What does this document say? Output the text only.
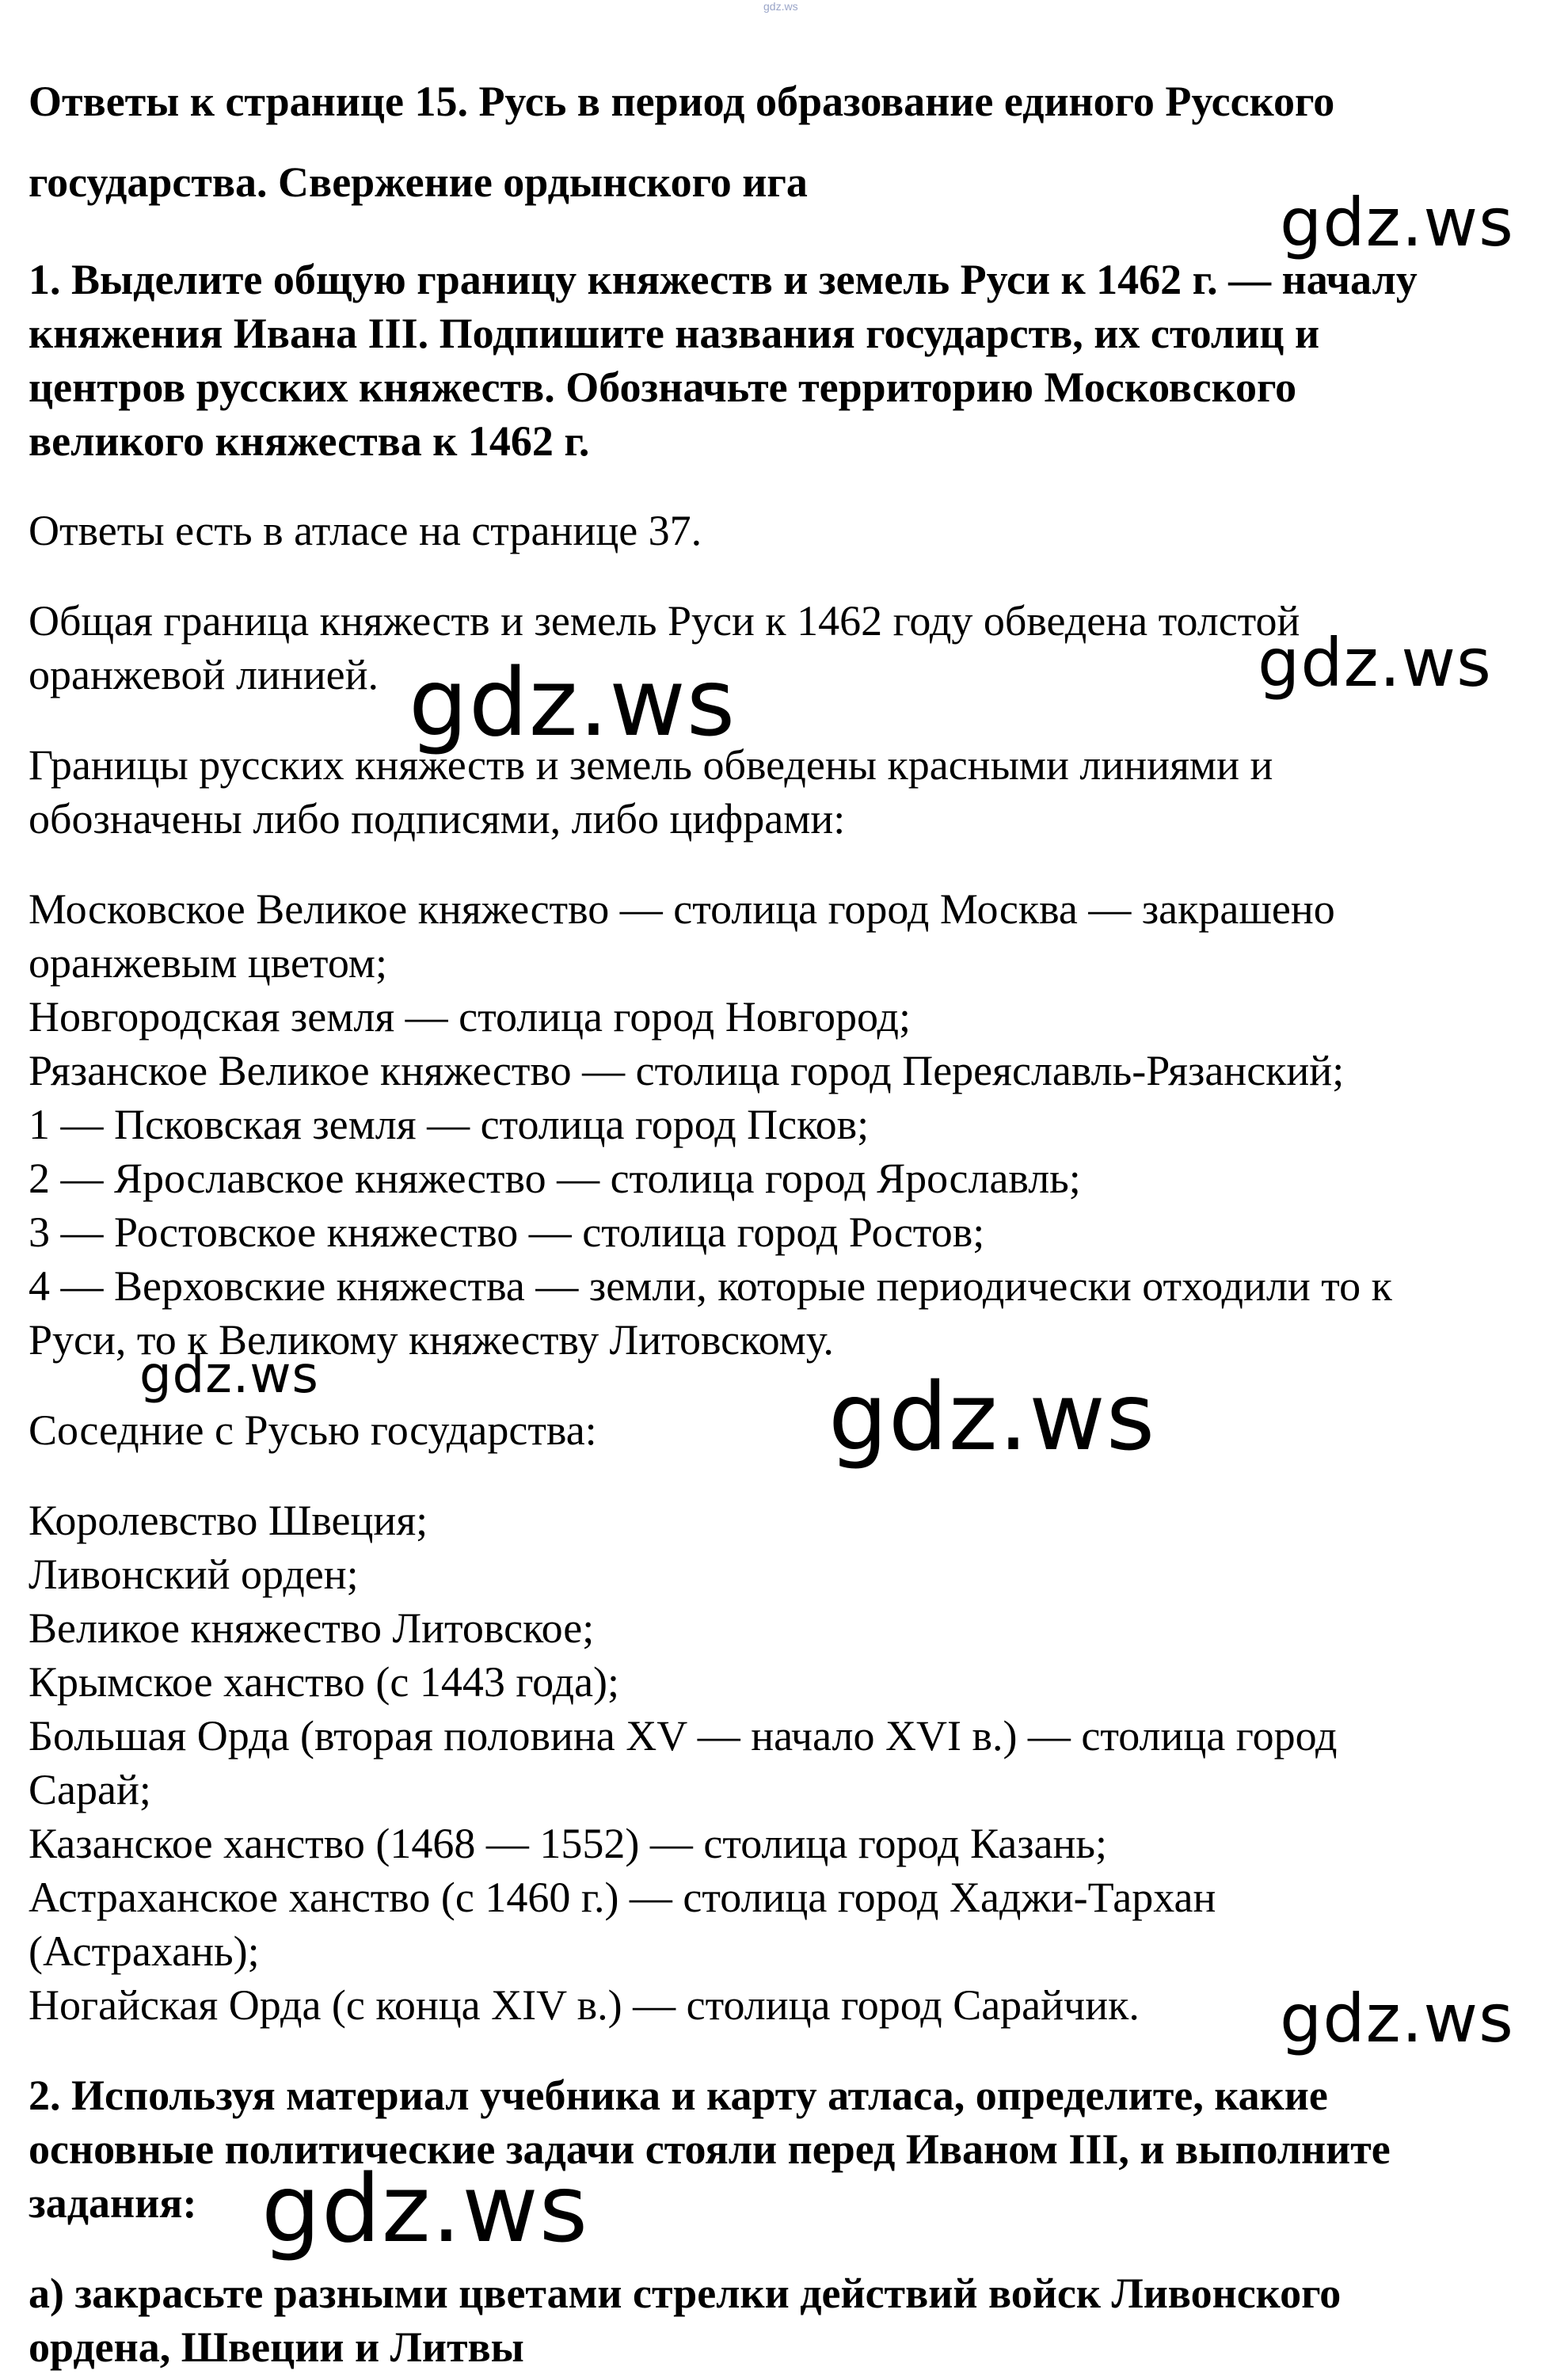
gdz.ws
Ответы к странице 15. Русь в период образование единого Русского
государства. Свержение ордынского ига
1. Выделите общую границу княжеств и земель Руси к 1462 г. — началу
княжения Ивана III. Подпишите названия государств, их столиц и
центров русских княжеств. Обозначьте территорию Московского
великого княжества к 1462 г.
Ответы есть в атласе на странице 37.
Общая граница княжеств и земель Руси к 1462 году обведена толстой
оранжевой линией.
Границы русских княжеств и земель обведены красными линиями и
обозначены либо подписями, либо цифрами:
Московское Великое княжество — столица город Москва — закрашено
оранжевым цветом;
Новгородская земля — столица город Новгород;
Рязанское Великое княжество — столица город Переяславль-Рязанский;
1 — Псковская земля — столица город Псков;
2 — Ярославское княжество — столица город Ярославль;
3 — Ростовское княжество — столица город Ростов;
4 — Верховские княжества — земли, которые периодически отходили то к
Руси, то к Великому княжеству Литовскому.
Соседние с Русью государства:
Королевство Швеция;
Ливонский орден;
Великое княжество Литовское;
Крымское ханство (с 1443 года);
Большая Орда (вторая половина XV — начало XVI в.) — столица город
Сарай;
Казанское ханство (1468 — 1552) — столица город Казань;
Астраханское ханство (с 1460 г.) — столица город Хаджи-Тархан
(Астрахань);
Ногайская Орда (с конца XIV в.) — столица город Сарайчик.
2. Используя материал учебника и карту атласа, определите, какие
основные политические задачи стояли перед Иваном III, и выполните
задания:
а) закрасьте разными цветами стрелки действий войск Ливонского
ордена, Швеции и Литвы
gdz.ws
gdz.ws
gdz.ws
gdz.ws	gdz.ws
gdz.ws
gdz.ws
